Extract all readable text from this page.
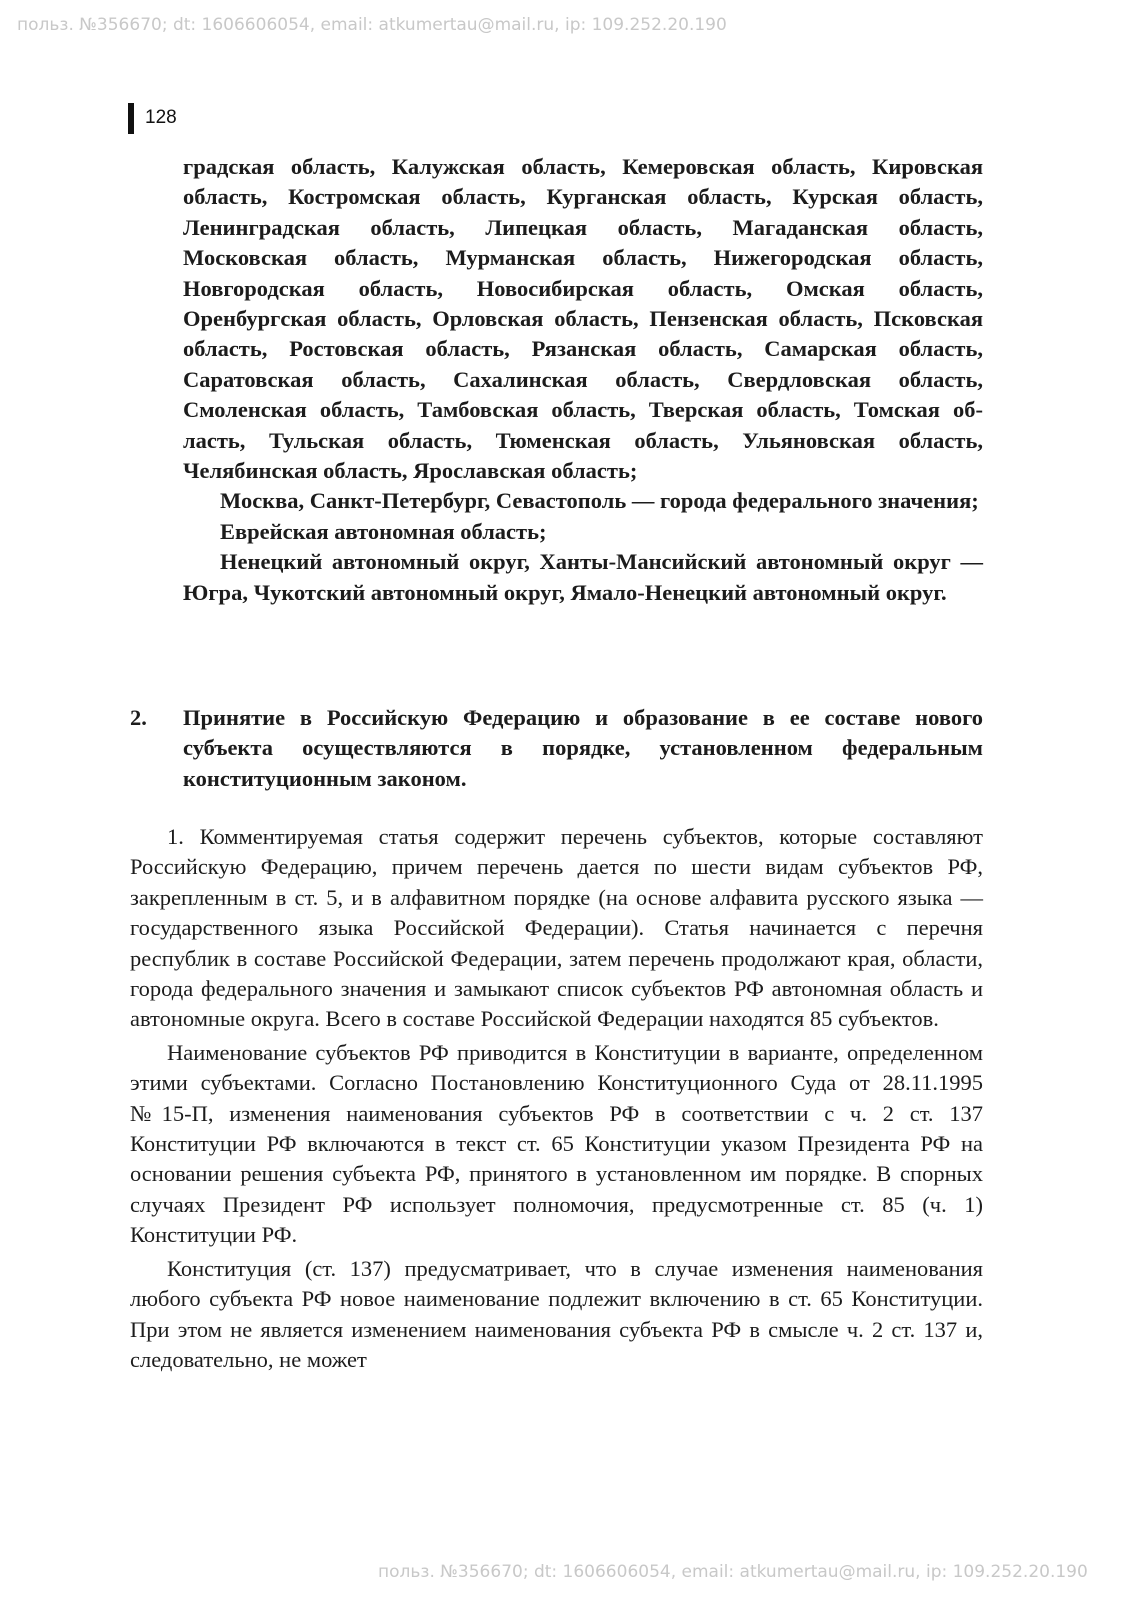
польз. №356670; dt: 1606606054, email: atkumertau@mail.ru, ip: 109.252.20.190
128

градская область, Калужская область, Кемеровская область, Кировская область, Костромская область, Курганская область, Курская область, Ленинградская область, Липецкая область, Магаданская область, Московская область, Мурманская область, Нижегородская область, Новгородская область, Новосибирская область, Омская область, Оренбургская область, Орловская область, Пензенская область, Псковская область, Ростовская область, Рязанская область, Самарская область, Саратовская область, Сахалинская область, Свердловская область, Смоленская область, Тамбовская область, Тверская область, Томская область, Тульская область, Тюменская область, Ульяновская область, Челябинская область, Ярославская область;

Москва, Санкт-Петербург, Севастополь — города федерального значения;

Еврейская автономная область;

Ненецкий автономный округ, Ханты-Мансийский автономный округ — Югра, Чукотский автономный округ, Ямало-Ненецкий автономный округ.

2. Принятие в Российскую Федерацию и образование в ее составе нового субъекта осуществляются в порядке, установленном федеральным конституционным законом.

1. Комментируемая статья содержит перечень субъектов, которые составляют Российскую Федерацию, причем перечень дается по шести видам субъектов РФ, закрепленным в ст. 5, и в алфавитном порядке (на основе алфавита русского языка — государственного языка Российской Федерации). Статья начинается с перечня республик в составе Российской Федерации, затем перечень продолжают края, области, города федерального значения и замыкают список субъектов РФ автономная область и автономные округа. Всего в составе Российской Федерации находятся 85 субъектов.

Наименование субъектов РФ приводится в Конституции в варианте, определенном этими субъектами. Согласно Постановлению Конституционного Суда от 28.11.1995 №15-П, изменения наименования субъектов РФ в соответствии с ч. 2 ст. 137 Конституции РФ включаются в текст ст. 65 Конституции указом Президента РФ на основании решения субъекта РФ, принятого в установленном им порядке. В спорных случаях Президент РФ использует полномочия, предусмотренные ст. 85 (ч. 1) Конституции РФ.

Конституция (ст. 137) предусматривает, что в случае изменения наименования любого субъекта РФ новое наименование подлежит включению в ст. 65 Конституции. При этом не является изменением наименования субъекта РФ в смысле ч. 2 ст. 137 и, следовательно, не может

польз. №356670; dt: 1606606054, email: atkumertau@mail.ru, ip: 109.252.20.190
